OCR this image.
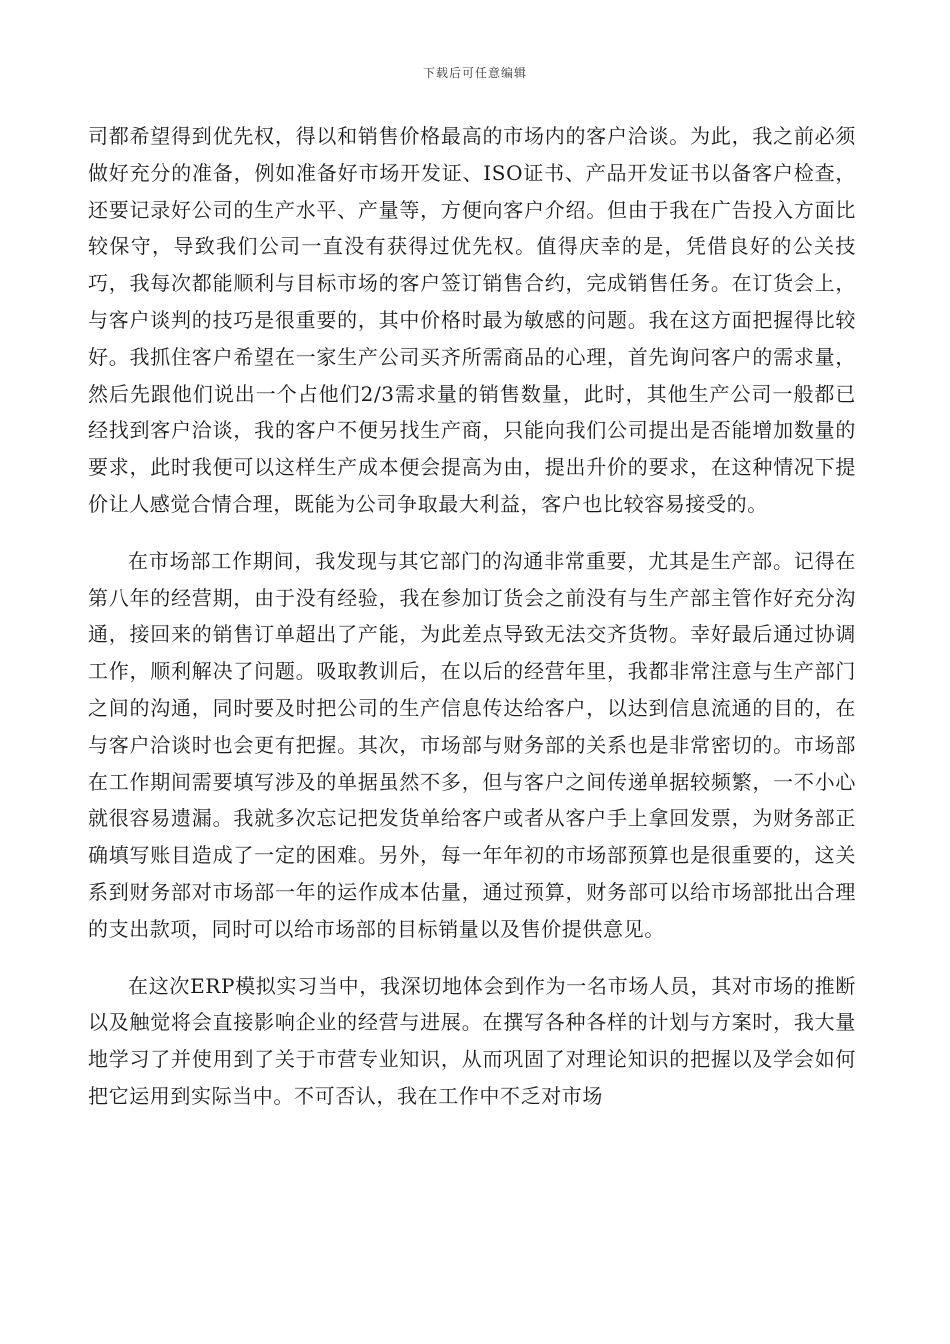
下载后可任意编辑

司都希望得到优先权，得以和销售价格最高的市场内的客户洽谈。为此，我之前必须做好充分的准备，例如准备好市场开发证、ISO证书、产品开发证书以备客户检查，还要记录好公司的生产水平、产量等，方便向客户介绍。但由于我在广告投入方面比较保守，导致我们公司一直没有获得过优先权。值得庆幸的是，凭借良好的公关技巧，我每次都能顺利与目标市场的客户签订销售合约，完成销售任务。在订货会上，与客户谈判的技巧是很重要的，其中价格时最为敏感的问题。我在这方面把握得比较好。我抓住客户希望在一家生产公司买齐所需商品的心理，首先询问客户的需求量，然后先跟他们说出一个占他们2/3需求量的销售数量，此时，其他生产公司一般都已经找到客户洽谈，我的客户不便另找生产商，只能向我们公司提出是否能增加数量的要求，此时我便可以这样生产成本便会提高为由，提出升价的要求，在这种情况下提价让人感觉合情合理，既能为公司争取最大利益，客户也比较容易接受的。

在市场部工作期间，我发现与其它部门的沟通非常重要，尤其是生产部。记得在第八年的经营期，由于没有经验，我在参加订货会之前没有与生产部主管作好充分沟通，接回来的销售订单超出了产能，为此差点导致无法交齐货物。幸好最后通过协调工作，顺利解决了问题。吸取教训后，在以后的经营年里，我都非常注意与生产部门之间的沟通，同时要及时把公司的生产信息传达给客户，以达到信息流通的目的，在与客户洽谈时也会更有把握。其次，市场部与财务部的关系也是非常密切的。市场部在工作期间需要填写涉及的单据虽然不多，但与客户之间传递单据较频繁，一不小心就很容易遗漏。我就多次忘记把发货单给客户或者从客户手上拿回发票，为财务部正确填写账目造成了一定的困难。另外，每一年年初的市场部预算也是很重要的，这关系到财务部对市场部一年的运作成本估量，通过预算，财务部可以给市场部批出合理的支出款项，同时可以给市场部的目标销量以及售价提供意见。

在这次ERP模拟实习当中，我深切地体会到作为一名市场人员，其对市场的推断以及触觉将会直接影响企业的经营与进展。在撰写各种各样的计划与方案时，我大量地学习了并使用到了关于市营专业知识，从而巩固了对理论知识的把握以及学会如何把它运用到实际当中。不可否认，我在工作中不乏对市场
